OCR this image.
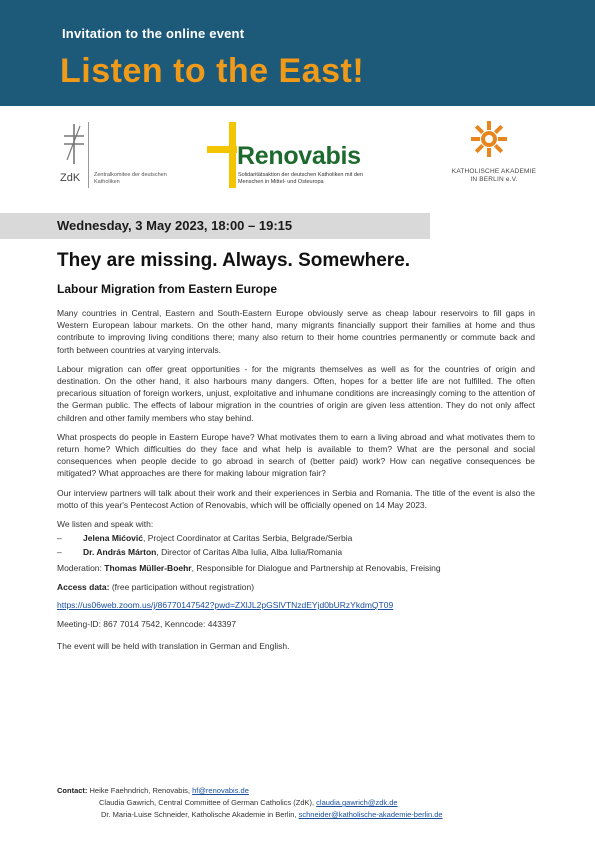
Invitation to the online event
Listen to the East!
ZdK	Zentralkomitee der deutschen Katholiken
Renovabis
Solidaritätsaktion der deutschen Katholiken mit den Menschen in Mittel- und Osteuropa
KATHOLISCHE AKADEMIE IN BERLIN e.V.
Wednesday, 3 May 2023, 18:00 – 19:15
They are missing. Always. Somewhere.
Labour Migration from Eastern Europe

Many countries in Central, Eastern and South-Eastern Europe obviously serve as cheap labour reservoirs to fill gaps in Western European labour markets. On the other hand, many migrants financially support their families at home and thus contribute to improving living conditions there; many also return to their home countries permanently or commute back and forth between countries at varying intervals.

Labour migration can offer great opportunities - for the migrants themselves as well as for the countries of origin and destination. On the other hand, it also harbours many dangers. Often, hopes for a better life are not fulfilled. The often precarious situation of foreign workers, unjust, exploitative and inhumane conditions are increasingly coming to the attention of the German public. The effects of labour migration in the countries of origin are given less attention. They do not only affect children and other family members who stay behind.

What prospects do people in Eastern Europe have? What motivates them to earn a living abroad and what motivates them to return home? Which difficulties do they face and what help is available to them? What are the personal and social consequences when people decide to go abroad in search of (better paid) work? How can negative consequences be mitigated? What approaches are there for making labour migration fair?

Our interview partners will talk about their work and their experiences in Serbia and Romania. The title of the event is also the motto of this year's Pentecost Action of Renovabis, which will be officially opened on 14 May 2023.

We listen and speak with:

–	Jelena Mićović, Project Coordinator at Caritas Serbia, Belgrade/Serbia
–	Dr. András Márton, Director of Caritas Alba Iulia, Alba Iulia/Romania

Moderation: Thomas Müller-Boehr, Responsible for Dialogue and Partnership at Renovabis, Freising

Access data: (free participation without registration)

https://us06web.zoom.us/j/86770147542?pwd=ZXlJL2pGSlVTNzdEYjd0bURzYkdmQT09

Meeting-ID: 867 7014 7542, Kenncode: 443397

The event will be held with translation in German and English.

Contact: Heike Faehndrich, Renovabis, hf@renovabis.de
Claudia Gawrich, Central Committee of German Catholics (ZdK), claudia.gawrich@zdk.de
Dr. Maria-Luise Schneider, Katholische Akademie in Berlin, schneider@katholische-akademie-berlin.de
